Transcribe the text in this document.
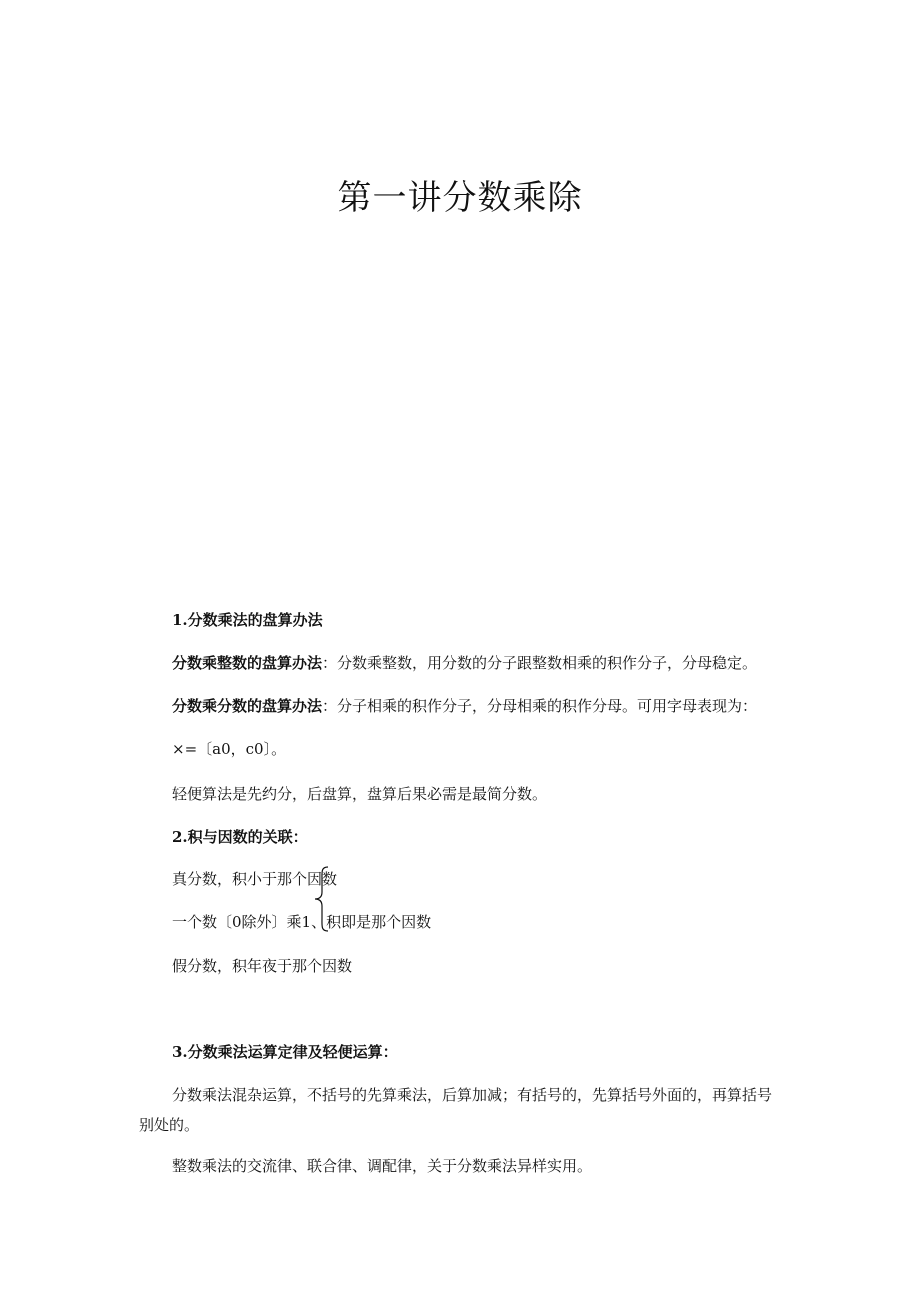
第一讲分数乘除
1.分数乘法的盘算办法
分数乘整数的盘算办法：分数乘整数，用分数的分子跟整数相乘的积作分子，分母稳定。
分数乘分数的盘算办法：分子相乘的积作分子，分母相乘的积作分母。可用字母表现为：
×=〔a0，c0〕。
轻便算法是先约分，后盘算，盘算后果必需是最简分数。
2.积与因数的关联：
真分数，积小于那个因数
一个数〔0除外〕乘1、积即是那个因数
假分数，积年夜于那个因数
3.分数乘法运算定律及轻便运算：
分数乘法混杂运算，不括号的先算乘法，后算加减；有括号的，先算括号外面的，再算括号别处的。
整数乘法的交流律、联合律、调配律，关于分数乘法异样实用。
